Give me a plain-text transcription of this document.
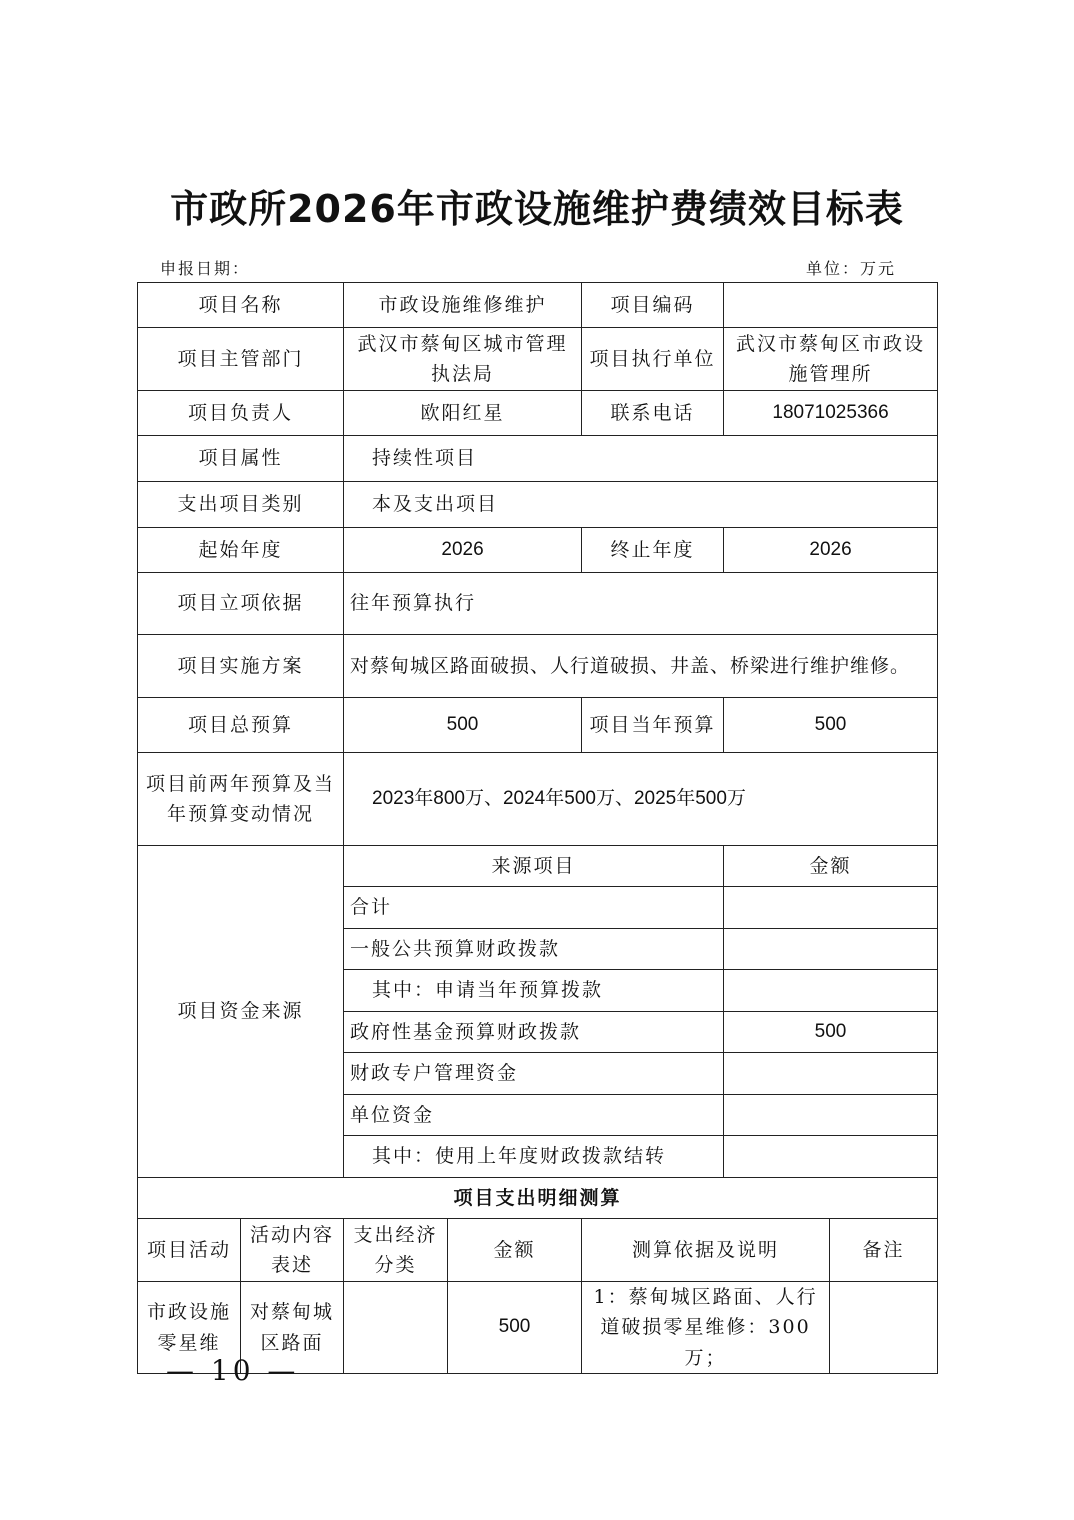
市政所2026年市政设施维护费绩效目标表
申报日期：	单位：万元
项目名称		市政设施维修维护		项目编码		
项目主管部门		武汉市蔡甸区城市管理执法局		项目执行单位	武汉市蔡甸区市政设施管理所	
项目负责人		欧阳红星		联系电话	18071025366	
项目属性		持续性项目				
支出项目类别		本及支出项目				
起始年度		2026		终止年度	2026	
项目立项依据		往年预算执行				
项目实施方案		对蔡甸城区路面破损、人行道破损、井盖、桥梁进行维护维修。				
项目总预算		500		项目当年预算	500	
项目前两年预算及当年预算变动情况		2023年800万、2024年500万、2025年500万				
项目资金来源		来源项目			金额	
		合计				
		一般公共预算财政拨款				
		其中：申请当年预算拨款				
		政府性基金预算财政拨款			500	
		财政专户管理资金				
		单位资金				
		其中：使用上年度财政拨款结转				
项目支出明细测算						
项目活动	活动内容表述	支出经济分类	金额	测算依据及说明		备注
市政设施零星维	对蔡甸城区路面		500	1：蔡甸城区路面、人行道破损零星维修：300万；		
— 10 —
